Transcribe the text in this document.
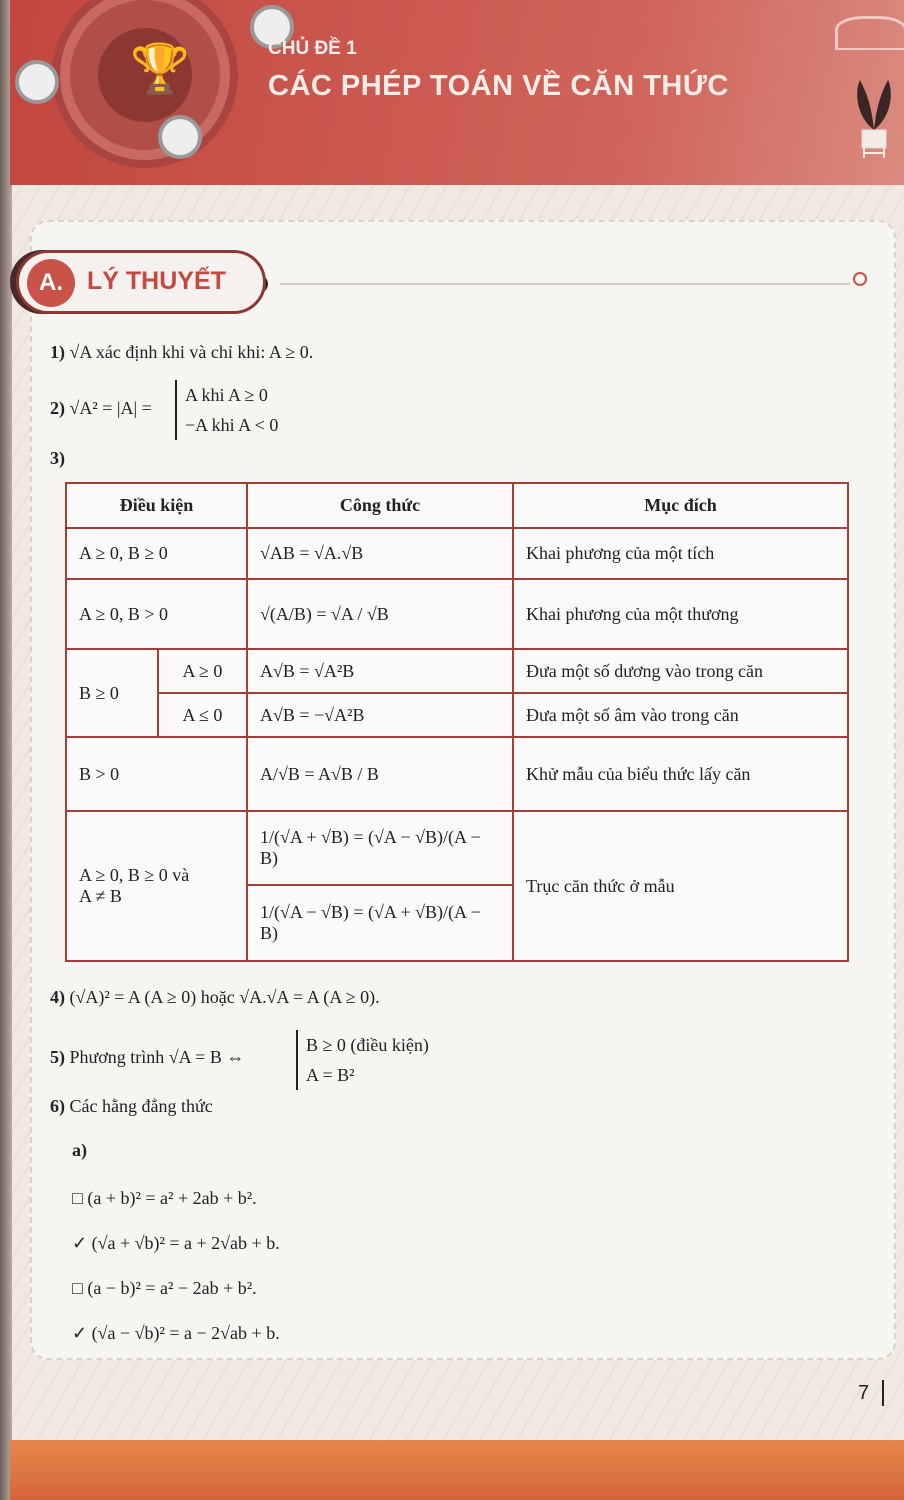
🏆	CHỦ ĐỀ 1
CÁC PHÉP TOÁN VỀ CĂN THỨC
A. LÝ THUYẾT
1) √A xác định khi và chỉ khi: A ≥ 0.
2) √A² = |A| =
A khi A ≥ 0
−A khi A < 0
3)
Điều kiện		Công thức	Mục đích
A ≥ 0, B ≥ 0		√AB = √A.√B	Khai phương của một tích
A ≥ 0, B > 0		√(A/B) = √A / √B	Khai phương của một thương
B ≥ 0	A ≥ 0	A√B = √A²B	Đưa một số dương vào trong căn
	A ≤ 0	A√B = −√A²B	Đưa một số âm vào trong căn
B > 0		A/√B = A√B / B	Khử mẫu của biểu thức lấy căn

A ≥ 0, B ≥ 0 và
A ≠ B		1/(√A + √B) = (√A − √B)/(A − B)	Trục căn thức ở mẫu
		1/(√A − √B) = (√A + √B)/(A − B)	
4) (√A)² = A (A ≥ 0) hoặc √A.√A = A (A ≥ 0).
5) Phương trình √A = B ⇔
B ≥ 0 (điều kiện)
A = B²
6) Các hằng đẳng thức
a)
□ (a + b)² = a² + 2ab + b².
✓ (√a + √b)² = a + 2√ab + b.
□ (a − b)² = a² − 2ab + b².
✓ (√a − √b)² = a − 2√ab + b.
7
